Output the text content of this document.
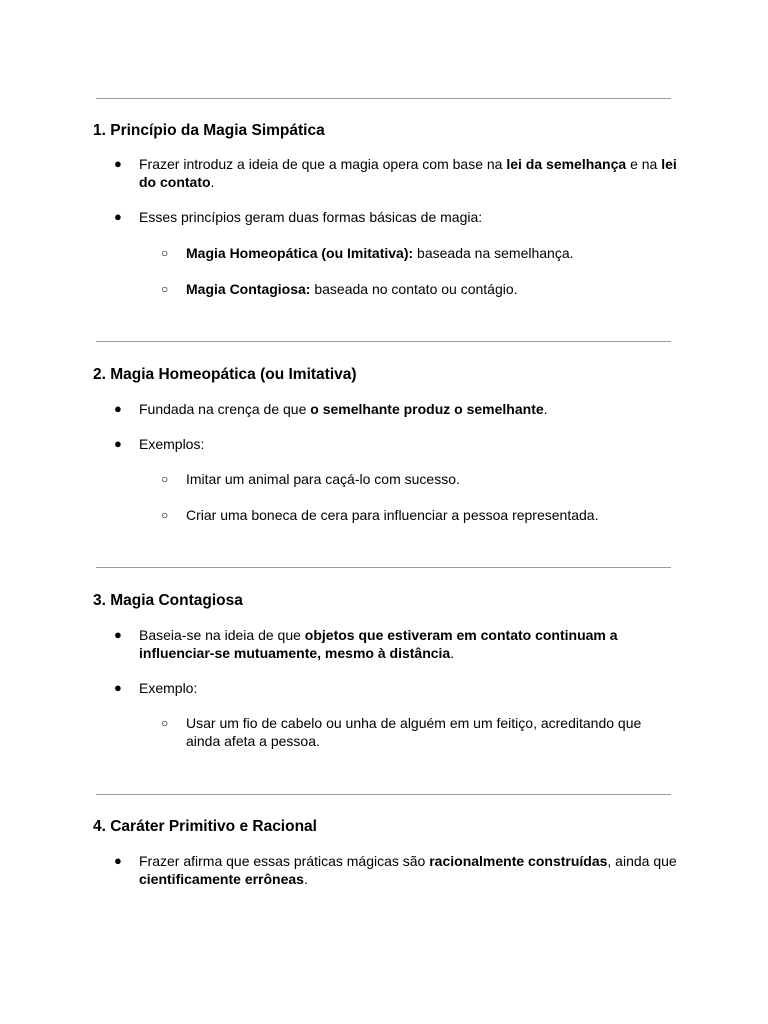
1. Princípio da Magia Simpática
● Frazer introduz a ideia de que a magia opera com base na lei da semelhança e na lei do contato.
● Esses princípios geram duas formas básicas de magia:
○ Magia Homeopática (ou Imitativa): baseada na semelhança.
○ Magia Contagiosa: baseada no contato ou contágio.
2. Magia Homeopática (ou Imitativa)
● Fundada na crença de que o semelhante produz o semelhante.
● Exemplos:
○ Imitar um animal para caçá-lo com sucesso.
○ Criar uma boneca de cera para influenciar a pessoa representada.
3. Magia Contagiosa
● Baseia-se na ideia de que objetos que estiveram em contato continuam a influenciar-se mutuamente, mesmo à distância.
● Exemplo:
○ Usar um fio de cabelo ou unha de alguém em um feitiço, acreditando que ainda afeta a pessoa.
4. Caráter Primitivo e Racional
● Frazer afirma que essas práticas mágicas são racionalmente construídas, ainda que cientificamente errôneas.
